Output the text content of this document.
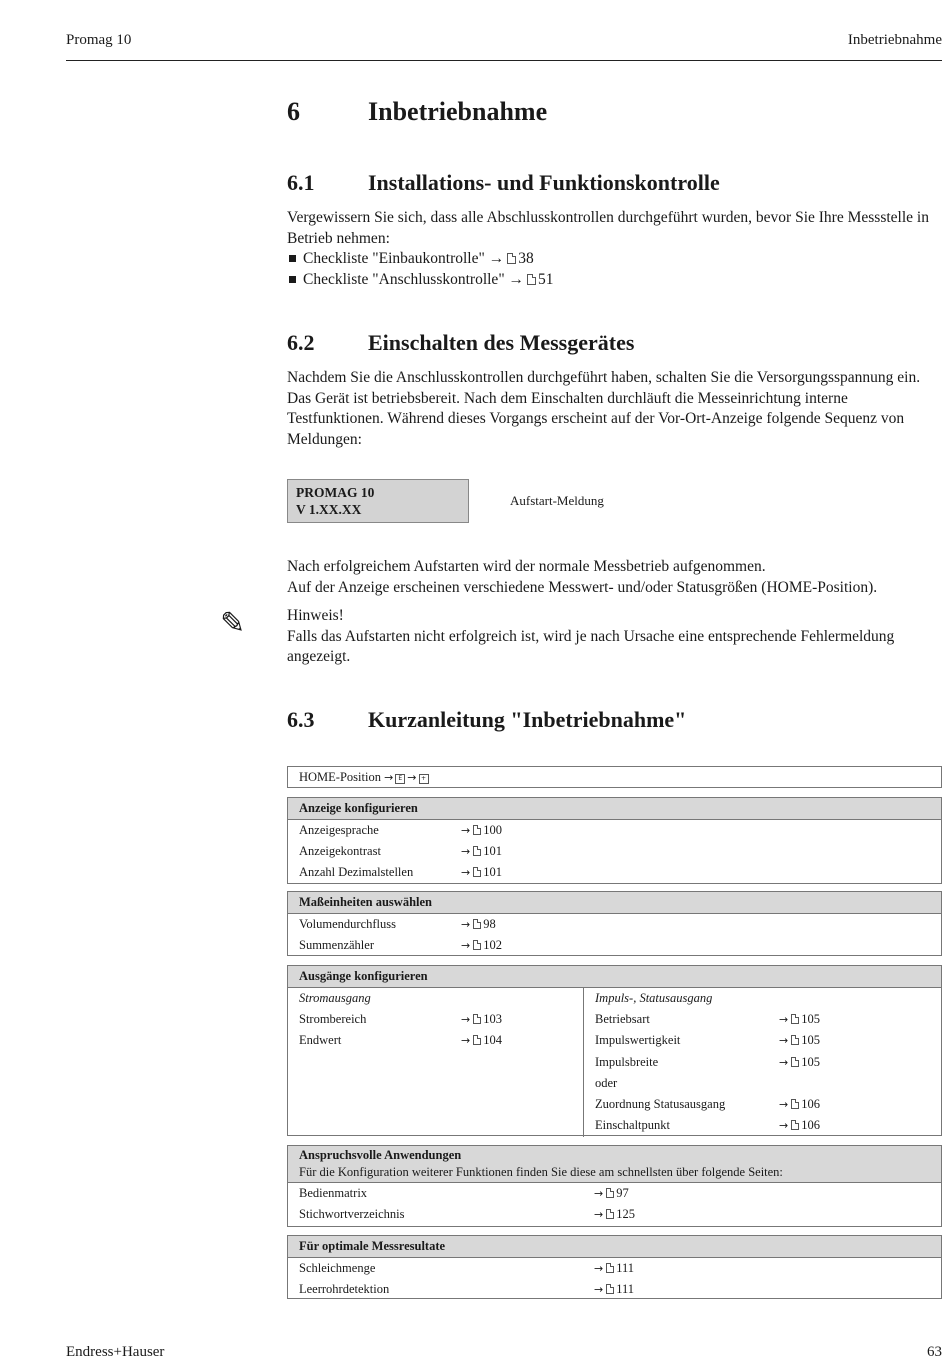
Promag 10	Inbetriebnahme
6	Inbetriebnahme
6.1 Installations- und Funktionskontrolle

Vergewissern Sie sich, dass alle Abschlusskontrollen durchgeführt wurden, bevor Sie Ihre Messstelle in Betrieb nehmen:

Checkliste "Einbaukontrolle" → 38

Checkliste "Anschlusskontrolle" → 51

6.2 Einschalten des Messgerätes

Nachdem Sie die Anschlusskontrollen durchgeführt haben, schalten Sie die Versorgungsspannung ein. Das Gerät ist betriebsbereit. Nach dem Einschalten durchläuft die Messeinrichtung interne Testfunktionen. Während dieses Vorgangs erscheint auf der Vor-Ort-Anzeige folgende Sequenz von Meldungen:

PROMAG 10
V 1.XX.XX
Aufstart-Meldung

Nach erfolgreichem Aufstarten wird der normale Messbetrieb aufgenommen.

Auf der Anzeige erscheinen verschiedene Messwert- und/oder Statusgrößen (HOME-Position).

✎	Hinweis!

Falls das Aufstarten nicht erfolgreich ist, wird je nach Ursache eine entsprechende Fehlermeldung angezeigt.

6.3 Kurzanleitung "Inbetriebnahme"
HOME-Position → E → +
Anzeige konfigurieren
Anzeigesprache	→ 100
Anzeigekontrast	→ 101
Anzahl Dezimalstellen	→ 101
Maßeinheiten auswählen
Volumendurchfluss	→ 98
Summenzähler	→ 102
Ausgänge konfigurieren
Stromausgang
Strombereich	→ 103
Endwert	→ 104
Impuls-, Statusausgang
Betriebsart	→ 105
Impulswertigkeit	→ 105
Impulsbreite	→ 105
oder
Zuordnung Statusausgang	→ 106
Einschaltpunkt	→ 106
Anspruchsvolle Anwendungen
Für die Konfiguration weiterer Funktionen finden Sie diese am schnellsten über folgende Seiten:
Bedienmatrix	→ 97
Stichwortverzeichnis	→ 125
Für optimale Messresultate
Schleichmenge	→ 111
Leerrohrdetektion	→ 111
Endress+Hauser	63
